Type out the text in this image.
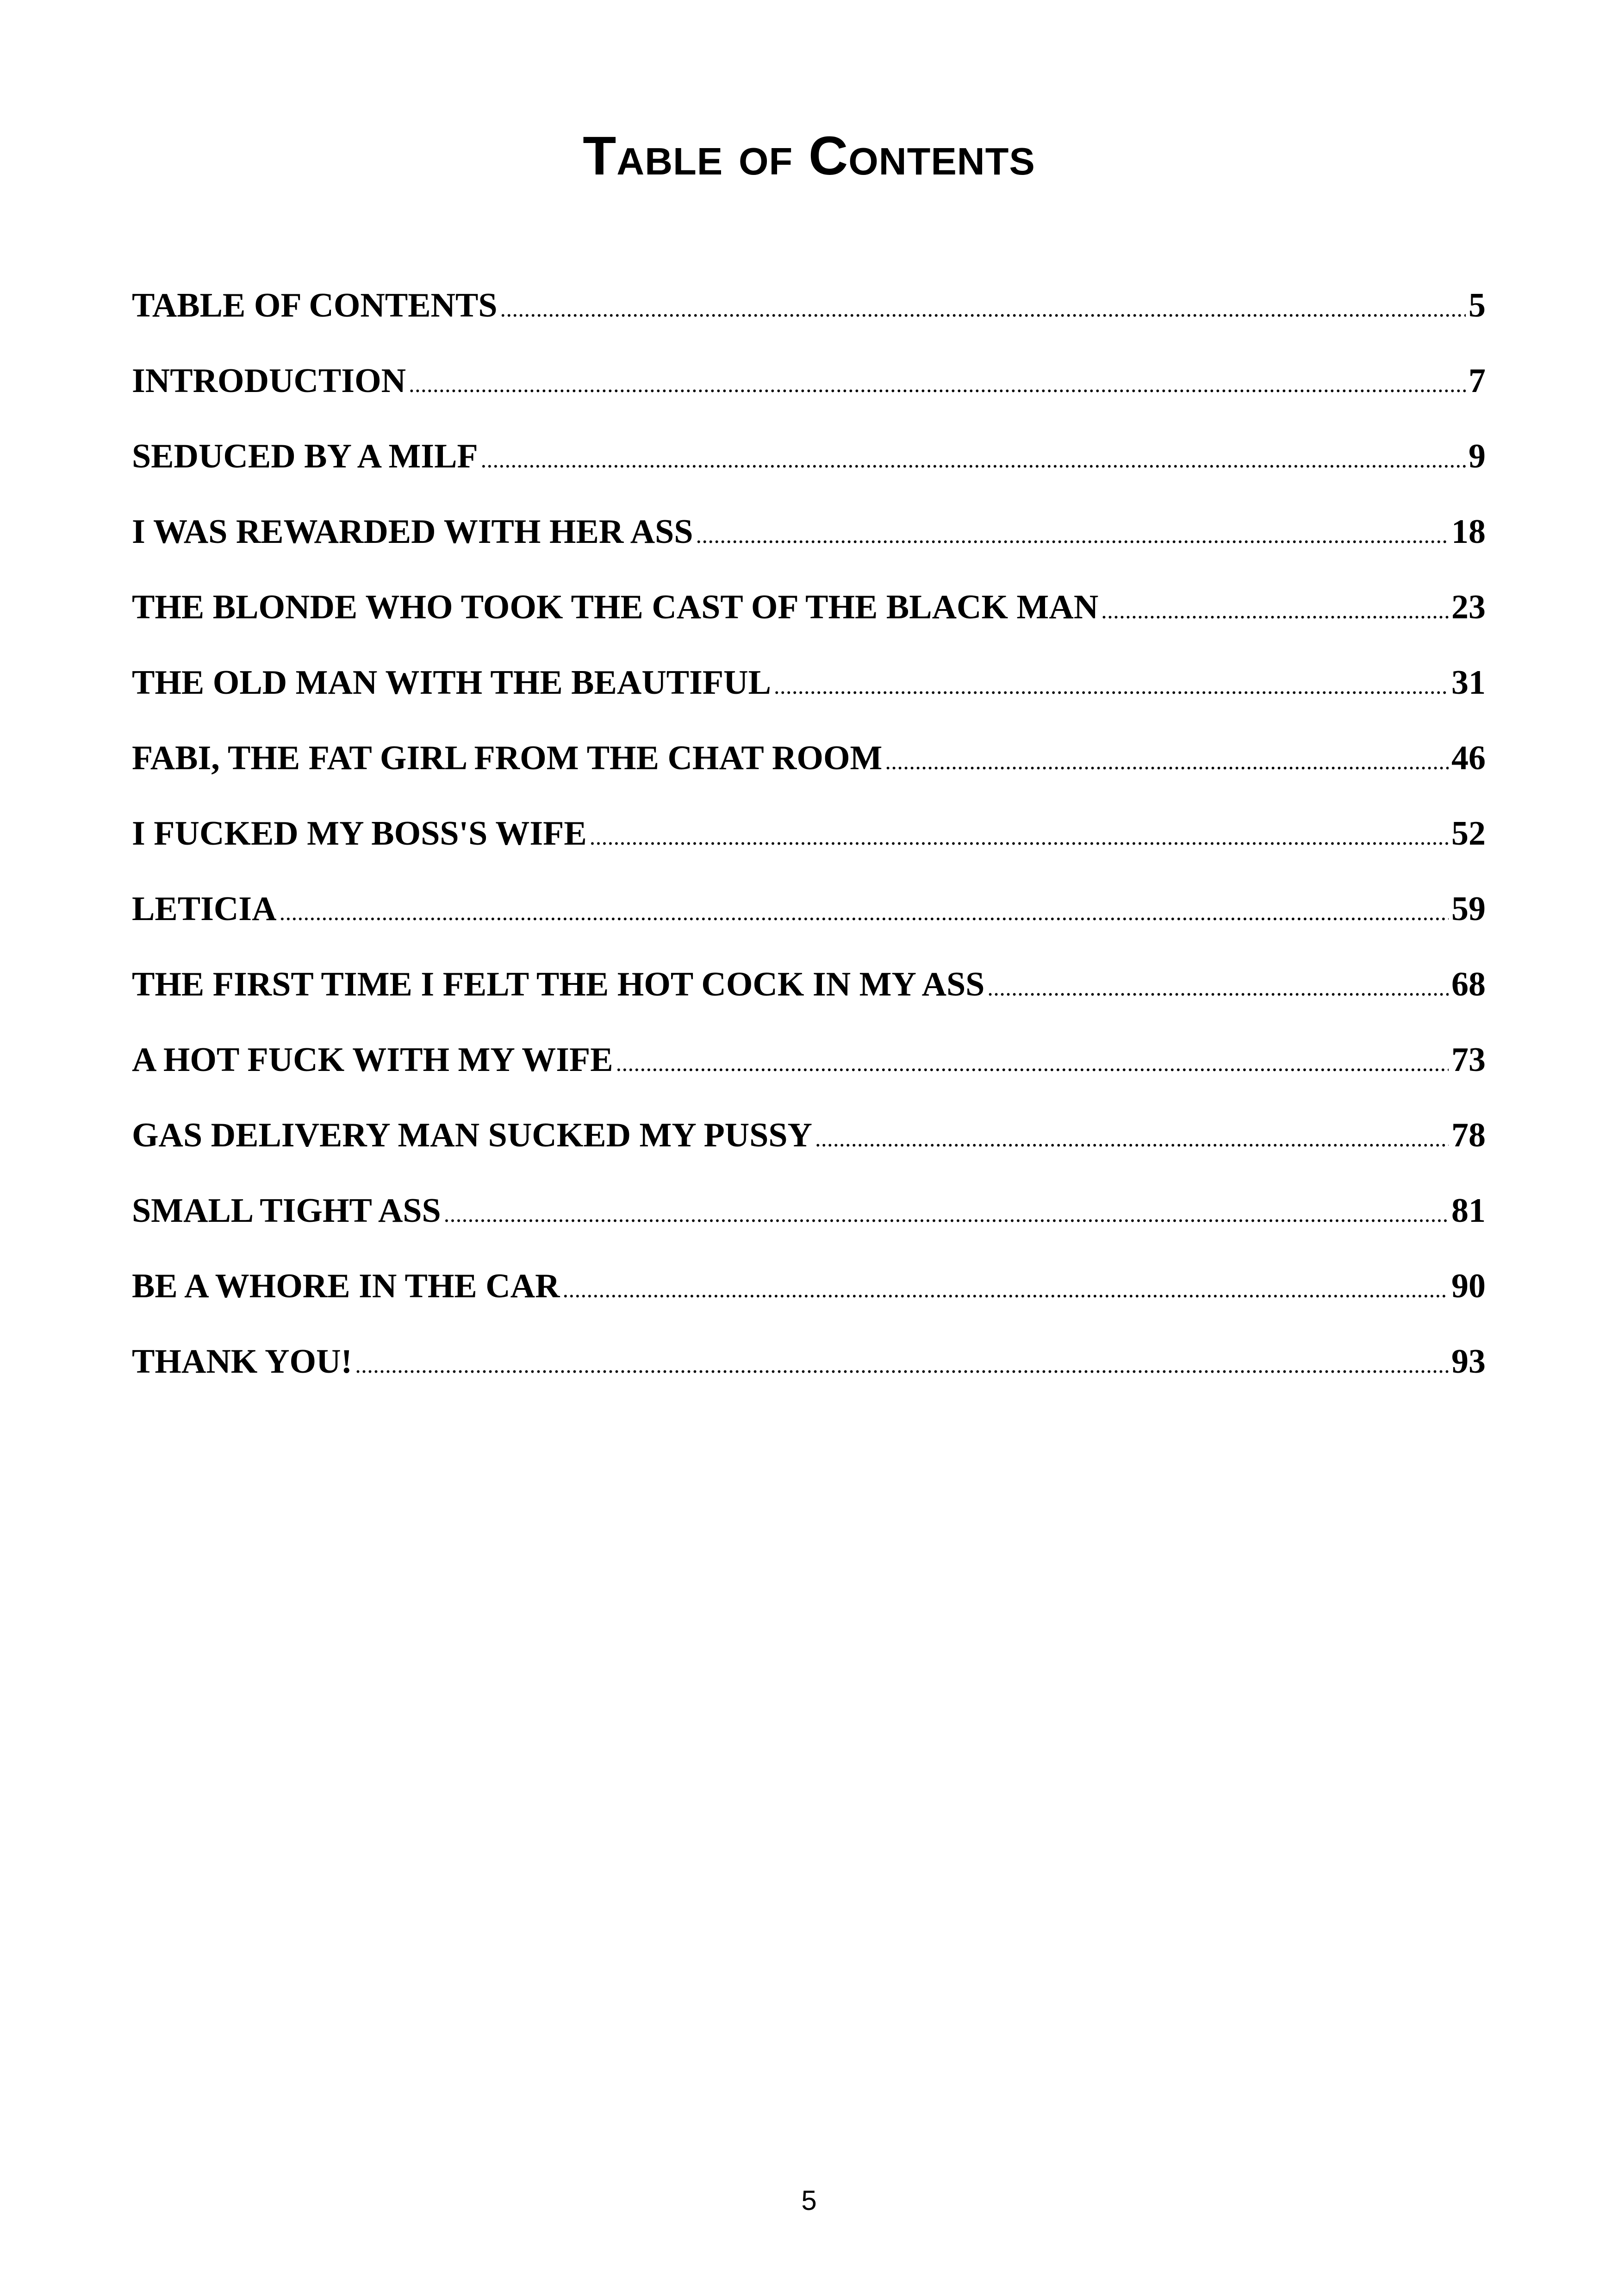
Table of Contents
TABLE OF CONTENTS . . .	5
INTRODUCTION . . .	7
SEDUCED BY A MILF . . .	9
I WAS REWARDED WITH HER ASS . . .	18
THE BLONDE WHO TOOK THE CAST OF THE BLACK MAN . . .	23
THE OLD MAN WITH THE BEAUTIFUL . . .	31
FABI, THE FAT GIRL FROM THE CHAT ROOM . . .	46
I FUCKED MY BOSS'S WIFE . . .	52
LETICIA . . .	59
THE FIRST TIME I FELT THE HOT COCK IN MY ASS . . .	68
A HOT FUCK WITH MY WIFE . . .	73
GAS DELIVERY MAN SUCKED MY PUSSY . . .	78
SMALL TIGHT ASS . . .	81
BE A WHORE IN THE CAR . . .	90
THANK YOU! . . .	93
5
